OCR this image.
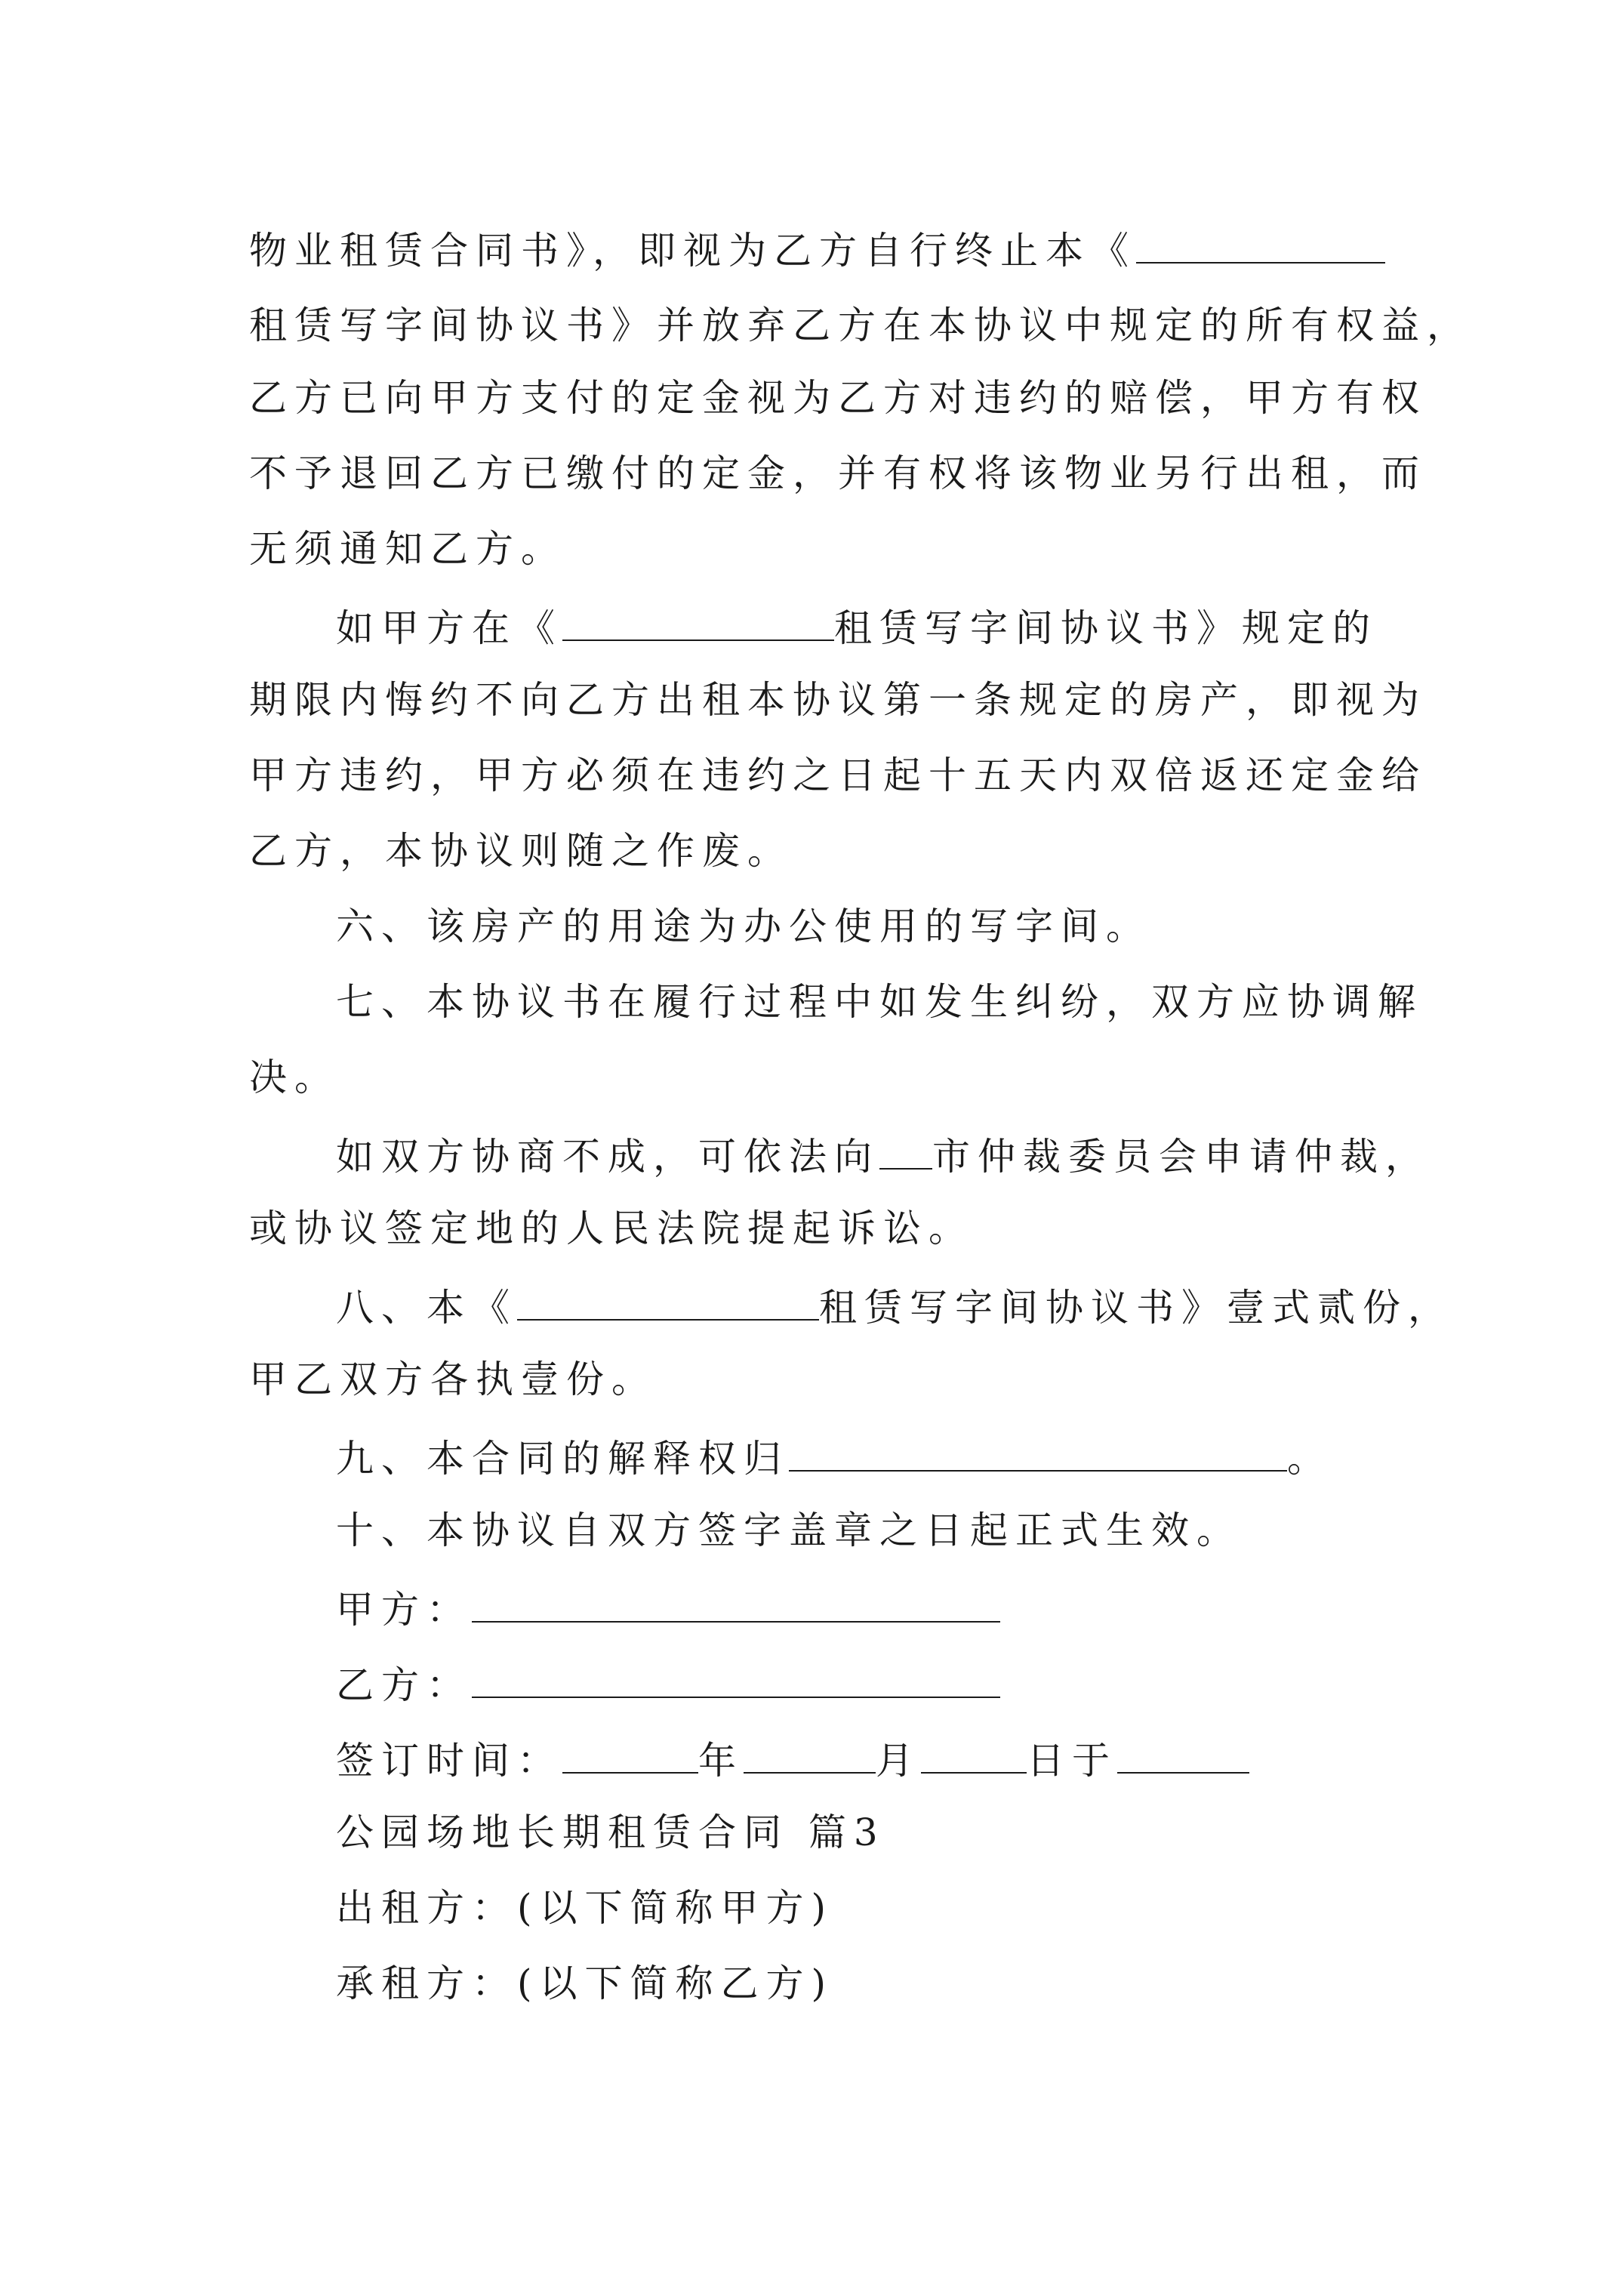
物业租赁合同书》，即视为乙方自行终止本《
租赁写字间协议书》并放弃乙方在本协议中规定的所有权益，
乙方已向甲方支付的定金视为乙方对违约的赔偿，甲方有权
不予退回乙方已缴付的定金，并有权将该物业另行出租，而
无须通知乙方。
如甲方在《	租赁写字间协议书》规定的
期限内悔约不向乙方出租本协议第一条规定的房产，即视为
甲方违约，甲方必须在违约之日起十五天内双倍返还定金给
乙方，本协议则随之作废。
六、该房产的用途为办公使用的写字间。
七、本协议书在履行过程中如发生纠纷，双方应协调解
决。
如双方协商不成，可依法向 市仲裁委员会申请仲裁，
或协议签定地的人民法院提起诉讼。
八、本《	租赁写字间协议书》壹式贰份，
甲乙双方各执壹份。
九、本合同的解释权归	。
十、本协议自双方签字盖章之日起正式生效。
甲方：
乙方：
签订时间：	年	月	日于
公园场地长期租赁合同 篇3
出租方：(以下简称甲方)
承租方：(以下简称乙方)
